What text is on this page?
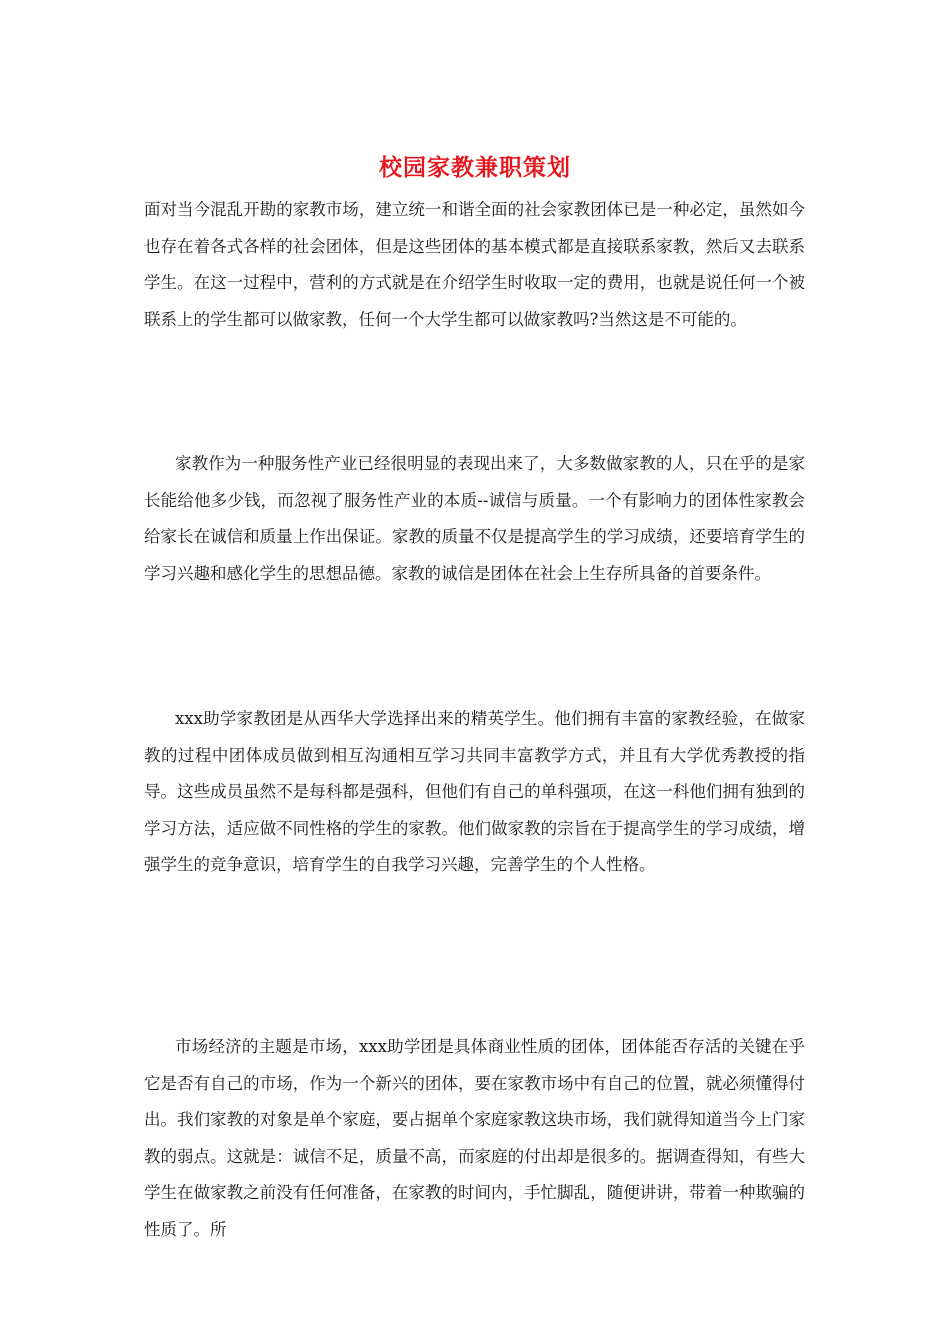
校园家教兼职策划

面对当今混乱开勘的家教市场，建立统一和谐全面的社会家教团体已是一种必定，虽然如今也存在着各式各样的社会团体，但是这些团体的基本模式都是直接联系家教，然后又去联系学生。在这一过程中，营利的方式就是在介绍学生时收取一定的费用，也就是说任何一个被联系上的学生都可以做家教，任何一个大学生都可以做家教吗?当然这是不可能的。

家教作为一种服务性产业已经很明显的表现出来了，大多数做家教的人，只在乎的是家长能给他多少钱，而忽视了服务性产业的本质--诚信与质量。一个有影响力的团体性家教会给家长在诚信和质量上作出保证。家教的质量不仅是提高学生的学习成绩，还要培育学生的学习兴趣和感化学生的思想品德。家教的诚信是团体在社会上生存所具备的首要条件。

xxx助学家教团是从西华大学选择出来的精英学生。他们拥有丰富的家教经验，在做家教的过程中团体成员做到相互沟通相互学习共同丰富教学方式，并且有大学优秀教授的指导。这些成员虽然不是每科都是强科，但他们有自己的单科强项，在这一科他们拥有独到的学习方法，适应做不同性格的学生的家教。他们做家教的宗旨在于提高学生的学习成绩，增强学生的竞争意识，培育学生的自我学习兴趣，完善学生的个人性格。

市场经济的主题是市场，xxx助学团是具体商业性质的团体，团体能否存活的关键在乎它是否有自己的市场，作为一个新兴的团体，要在家教市场中有自己的位置，就必须懂得付出。我们家教的对象是单个家庭，要占据单个家庭家教这块市场，我们就得知道当今上门家教的弱点。这就是：诚信不足，质量不高，而家庭的付出却是很多的。据调查得知，有些大学生在做家教之前没有任何准备，在家教的时间内，手忙脚乱，随便讲讲，带着一种欺骗的性质了。所
